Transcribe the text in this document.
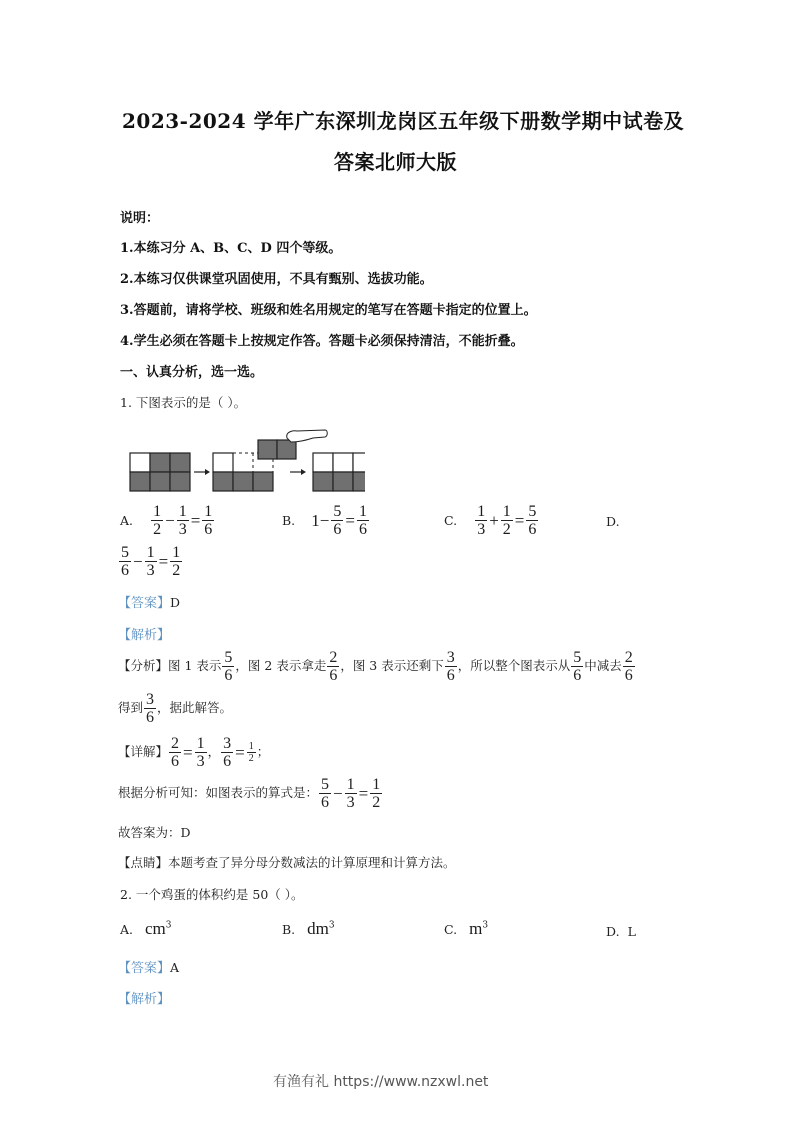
2023-2024 学年广东深圳龙岗区五年级下册数学期中试卷及
答案北师大版
说明：
1.本练习分 A、B、C、D 四个等级。
2.本练习仅供课堂巩固使用，不具有甄别、选拔功能。
3.答题前，请将学校、班级和姓名用规定的笔写在答题卡指定的位置上。
4.学生必须在答题卡上按规定作答。答题卡必须保持清洁，不能折叠。
一、认真分析，选一选。
1. 下图表示的是（ ）。
A. $\frac{1}{2} - \frac{1}{3} = \frac{1}{6}$	B. $1- \frac{5}{6} = \frac{1}{6}$	C. $\frac{1}{3} + \frac{1}{2} = \frac{5}{6}$	D.
$\frac{5}{6} - \frac{1}{3} = \frac{1}{2}$
【答案】D
【解析】
【分析】图 1 表示 $\frac{5}{6}$ ，图 2 表示拿走 $\frac{2}{6}$ ，图 3 表示还剩下 $\frac{3}{6}$ ，所以整个图表示从 $\frac{5}{6}$ 中减去 $\frac{2}{6}$
得到 $\frac{3}{6}$ ，据此解答。
【详解】 $\frac{2}{6} = \frac{1}{3}$ ， $\frac{3}{6} = \frac{1}{2}$ ；
根据分析可知：如图表示的算式是： $\frac{5}{6} - \frac{1}{3} = \frac{1}{2}$
故答案为：D
【点睛】本题考查了异分母分数减法的计算原理和计算方法。
2. 一个鸡蛋的体积约是 50（ ）。
A. $cm^3$	B. $dm^3$	C. $m^3$	D. L
【答案】A
【解析】
有渔有礼 https://www.nzxwl.net
